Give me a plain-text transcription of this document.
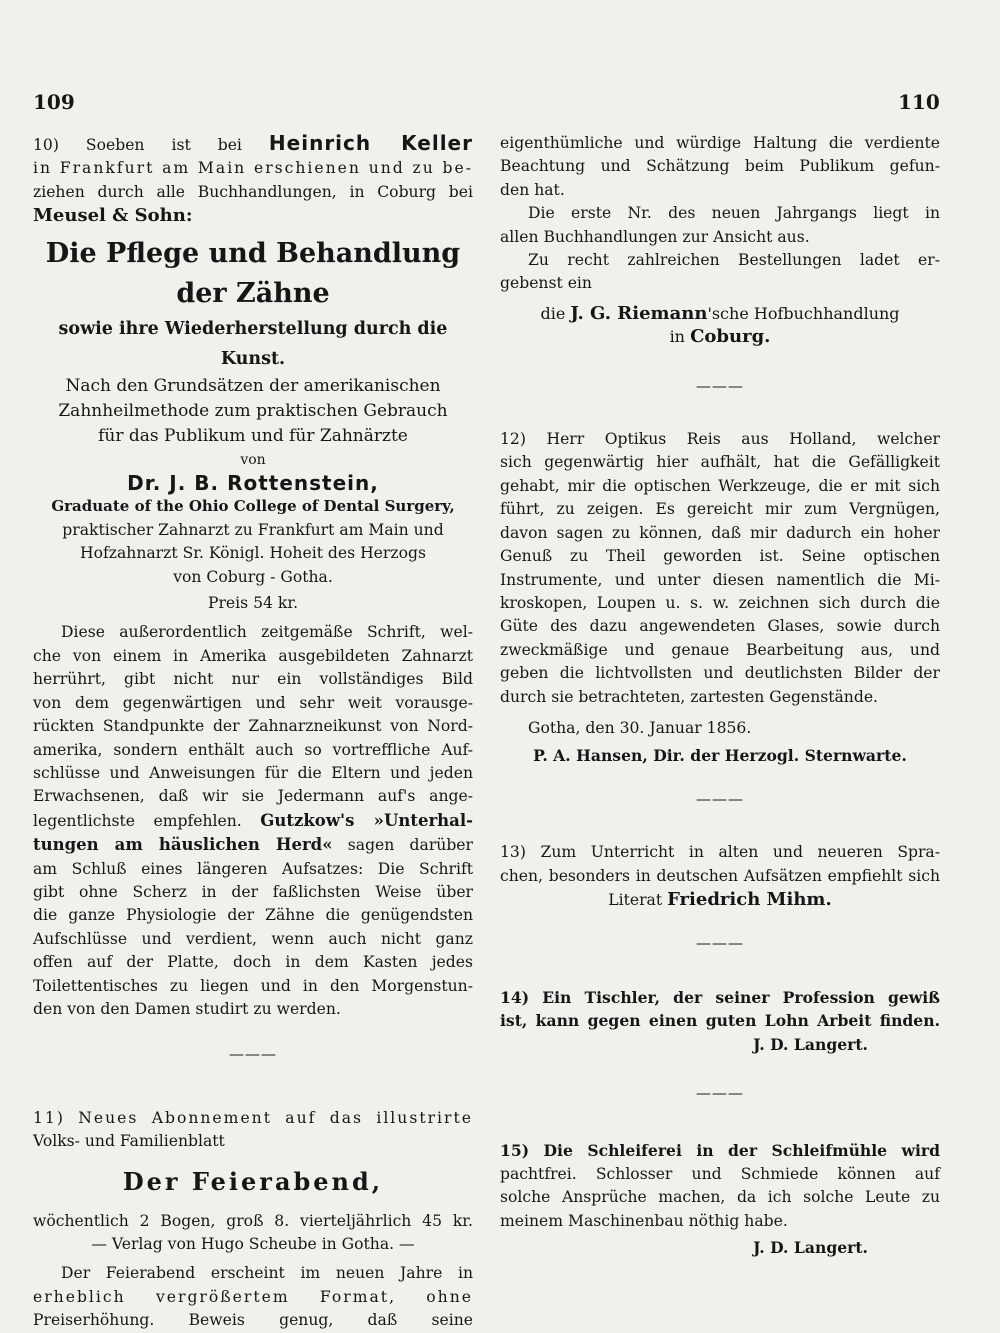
109	110

10) Soeben ist bei Heinrich Keller

in Frankfurt am Main erschienen und zu be-

ziehen durch alle Buchhandlungen, in Coburg bei

Meusel & Sohn:

Die Pflege und Behandlung der Zähne

sowie ihre Wiederherstellung durch die Kunst.

Nach den Grundsätzen der amerikanischen

Zahnheilmethode zum praktischen Gebrauch

für das Publikum und für Zahnärzte

von

Dr. J. B. Rottenstein,

Graduate of the Ohio College of Dental Surgery,

praktischer Zahnarzt zu Frankfurt am Main und

Hofzahnarzt Sr. Königl. Hoheit des Herzogs

von Coburg - Gotha.

Preis 54 kr.

Diese außerordentlich zeitgemäße Schrift, wel-

che von einem in Amerika ausgebildeten Zahnarzt

herrührt, gibt nicht nur ein vollständiges Bild

von dem gegenwärtigen und sehr weit vorausge-

rückten Standpunkte der Zahnarzneikunst von Nord-

amerika, sondern enthält auch so vortreffliche Auf-

schlüsse und Anweisungen für die Eltern und jeden

Erwachsenen, daß wir sie Jedermann auf's ange-

legentlichste empfehlen. Gutzkow's »Unterhal-

tungen am häuslichen Herd« sagen darüber

am Schluß eines längeren Aufsatzes: Die Schrift

gibt ohne Scherz in der faßlichsten Weise über

die ganze Physiologie der Zähne die genügendsten

Aufschlüsse und verdient, wenn auch nicht ganz

offen auf der Platte, doch in dem Kasten jedes

Toilettentisches zu liegen und in den Morgenstun-

den von den Damen studirt zu werden.

———

11) Neues Abonnement auf das illustrirte

Volks- und Familienblatt

Der Feierabend,

wöchentlich 2 Bogen, groß 8. vierteljährlich 45 kr.

— Verlag von Hugo Scheube in Gotha. —

Der Feierabend erscheint im neuen Jahre in

erheblich vergrößertem Format, ohne

Preiserhöhung. Beweis genug, daß seine

eigenthümliche und würdige Haltung die verdiente

Beachtung und Schätzung beim Publikum gefun-

den hat.

Die erste Nr. des neuen Jahrgangs liegt in

allen Buchhandlungen zur Ansicht aus.

Zu recht zahlreichen Bestellungen ladet er-

gebenst ein

die J. G. Riemann'sche Hofbuchhandlung

in Coburg.

———

12) Herr Optikus Reis aus Holland, welcher

sich gegenwärtig hier aufhält, hat die Gefälligkeit

gehabt, mir die optischen Werkzeuge, die er mit sich

führt, zu zeigen. Es gereicht mir zum Vergnügen,

davon sagen zu können, daß mir dadurch ein hoher

Genuß zu Theil geworden ist. Seine optischen

Instrumente, und unter diesen namentlich die Mi-

kroskopen, Loupen u. s. w. zeichnen sich durch die

Güte des dazu angewendeten Glases, sowie durch

zweckmäßige und genaue Bearbeitung aus, und

geben die lichtvollsten und deutlichsten Bilder der

durch sie betrachteten, zartesten Gegenstände.

Gotha, den 30. Januar 1856.

P. A. Hansen, Dir. der Herzogl. Sternwarte.

———

13) Zum Unterricht in alten und neueren Spra-

chen, besonders in deutschen Aufsätzen empfiehlt sich

Literat Friedrich Mihm.

———

14) Ein Tischler, der seiner Profession gewiß

ist, kann gegen einen guten Lohn Arbeit finden.

J. D. Langert.

———

15) Die Schleiferei in der Schleifmühle wird

pachtfrei. Schlosser und Schmiede können auf

solche Ansprüche machen, da ich solche Leute zu

meinem Maschinenbau nöthig habe.

J. D. Langert.
